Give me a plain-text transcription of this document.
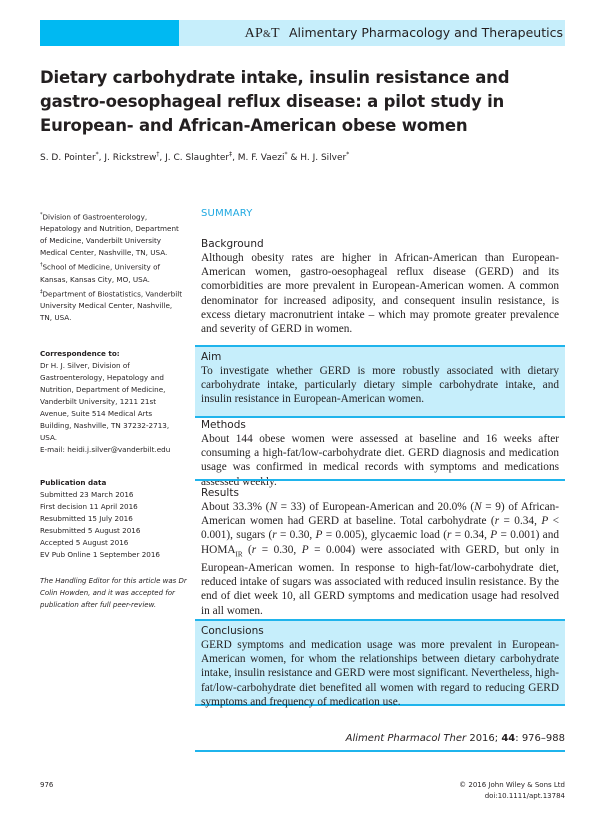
AP&T Alimentary Pharmacology and Therapeutics
Dietary carbohydrate intake, insulin resistance and gastro-oesophageal reflux disease: a pilot study in European- and African-American obese women
S. D. Pointer*, J. Rickstrew†, J. C. Slaughter‡, M. F. Vaezi* & H. J. Silver*
*Division of Gastroenterology, Hepatology and Nutrition, Department of Medicine, Vanderbilt University Medical Center, Nashville, TN, USA.
†School of Medicine, University of Kansas, Kansas City, MO, USA.
‡Department of Biostatistics, Vanderbilt University Medical Center, Nashville, TN, USA.
Correspondence to:
Dr H. J. Silver, Division of Gastroenterology, Hepatology and Nutrition, Department of Medicine, Vanderbilt University, 1211 21st Avenue, Suite 514 Medical Arts Building, Nashville, TN 37232-2713, USA.
E-mail: heidi.j.silver@vanderbilt.edu
Publication data
Submitted 23 March 2016
First decision 11 April 2016
Resubmitted 15 July 2016
Resubmitted 5 August 2016
Accepted 5 August 2016
EV Pub Online 1 September 2016
The Handling Editor for this article was Dr Colin Howden, and it was accepted for publication after full peer-review.
SUMMARY
Background
Although obesity rates are higher in African-American than European-American women, gastro-oesophageal reflux disease (GERD) and its comorbidities are more prevalent in European-American women. A common denominator for increased adiposity, and consequent insulin resistance, is excess dietary macronutrient intake – which may promote greater prevalence and severity of GERD in women.
Aim
To investigate whether GERD is more robustly associated with dietary carbohydrate intake, particularly dietary simple carbohydrate intake, and insulin resistance in European-American women.
Methods
About 144 obese women were assessed at baseline and 16 weeks after consuming a high-fat/low-carbohydrate diet. GERD diagnosis and medication usage was confirmed in medical records with symptoms and medications assessed weekly.
Results
About 33.3% (N = 33) of European-American and 20.0% (N = 9) of African-American women had GERD at baseline. Total carbohydrate (r = 0.34, P < 0.001), sugars (r = 0.30, P = 0.005), glycaemic load (r = 0.34, P = 0.001) and $HOMA_{IR}$ (r = 0.30, P = 0.004) were associated with GERD, but only in European-American women. In response to high-fat/low-carbohydrate diet, reduced intake of sugars was associated with reduced insulin resistance. By the end of diet week 10, all GERD symptoms and medication usage had resolved in all women.
Conclusions
GERD symptoms and medication usage was more prevalent in European-American women, for whom the relationships between dietary carbohydrate intake, insulin resistance and GERD were most significant. Nevertheless, high-fat/low-carbohydrate diet benefited all women with regard to reducing GERD symptoms and frequency of medication use.
Aliment Pharmacol Ther 2016; 44: 976–988
976	© 2016 John Wiley & Sons Ltd
doi:10.1111/apt.13784
